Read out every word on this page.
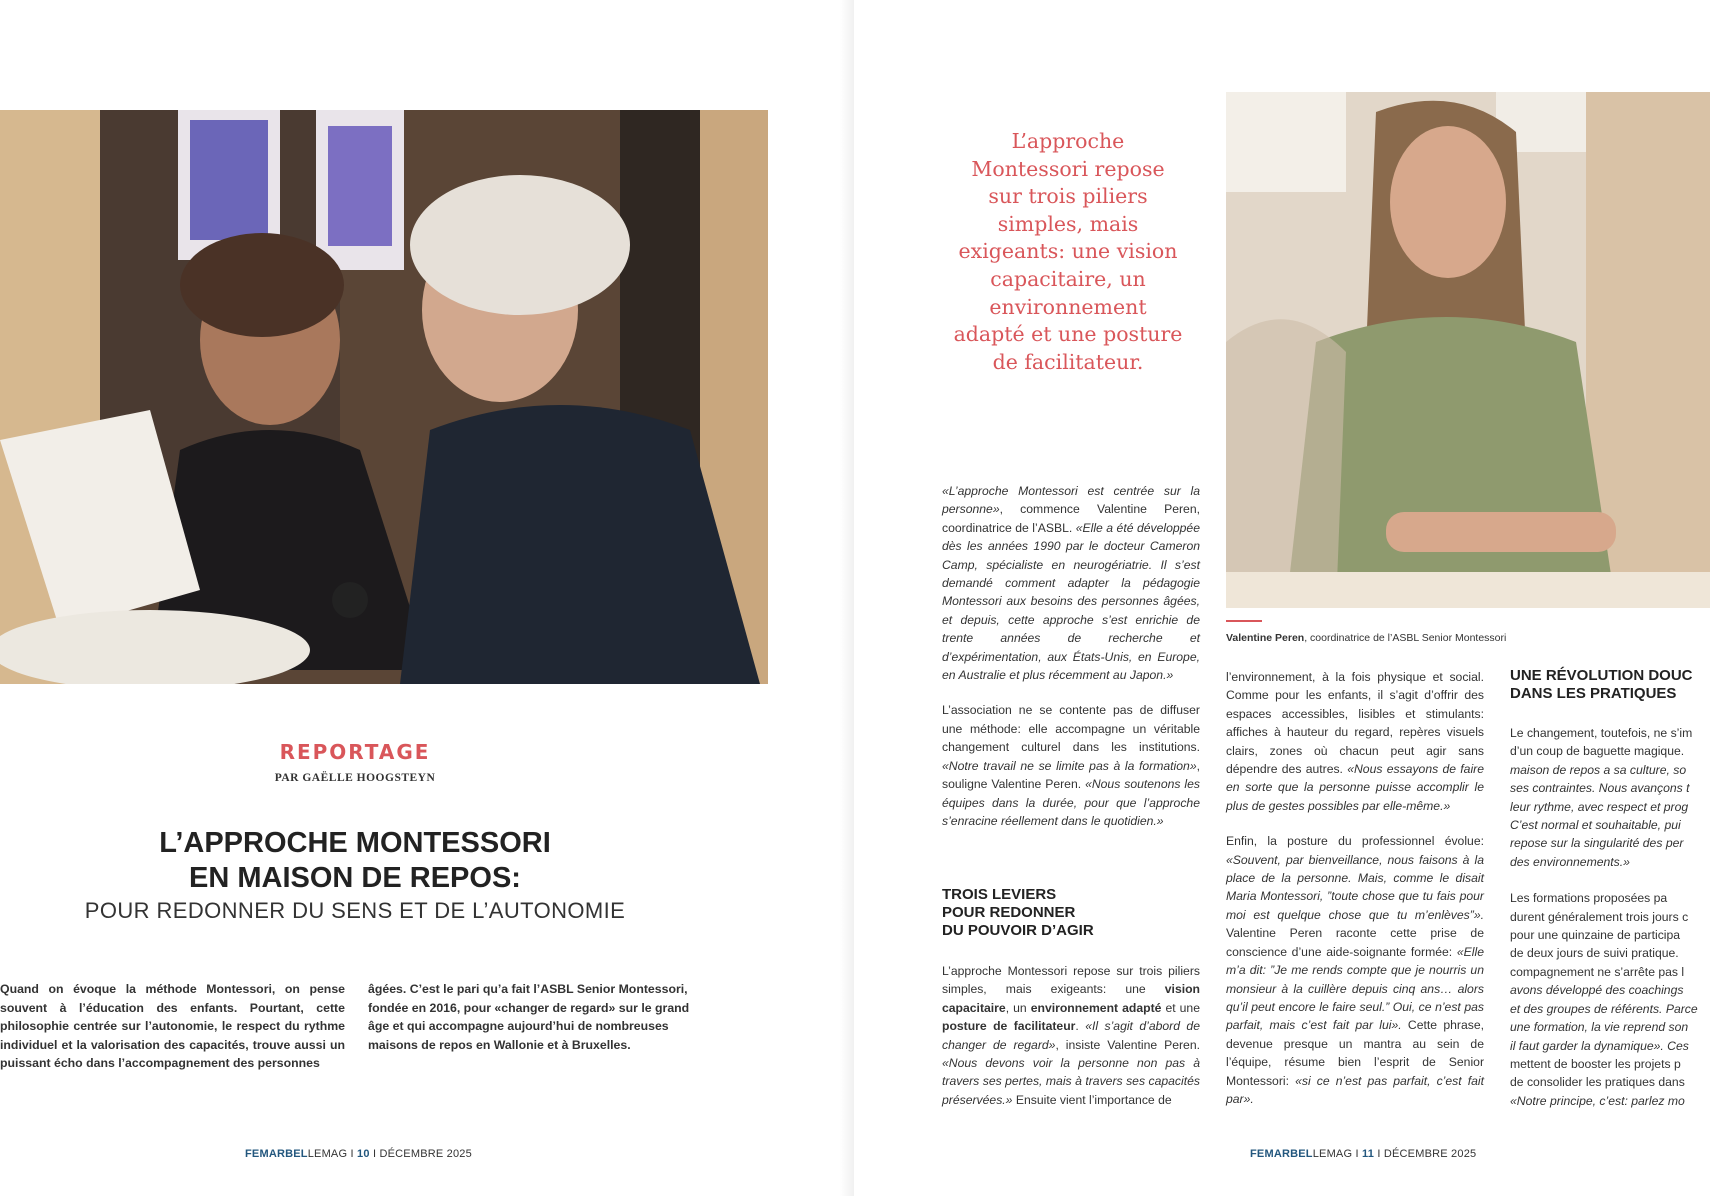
REPORTAGE
PAR GAËLLE HOOGSTEYN
L’APPROCHE MONTESSORI
EN MAISON DE REPOS:
POUR REDONNER DU SENS ET DE L’AUTONOMIE
Quand on évoque la méthode Montessori, on pense souvent à l’éducation des enfants. Pourtant, cette philosophie centrée sur l’autonomie, le respect du rythme individuel et la valorisation des capacités, trouve aussi un puissant écho dans l’accompagnement des personnes
âgées. C’est le pari qu’a fait l’ASBL Senior Montessori, fondée en 2016, pour «changer de regard» sur le grand âge et qui accompagne aujourd’hui de nombreuses maisons de repos en Wallonie et à Bruxelles.
FEMARBELLEMAG I 10 I DÉCEMBRE 2025
L’approche Montessori repose sur trois piliers simples, mais exigeants: une vision capacitaire, un environnement adapté et une posture de facilitateur.
Valentine Peren, coordinatrice de l’ASBL Senior Montessori

«L’approche Montessori est centrée sur la personne», commence Valentine Peren, coordinatrice de l’ASBL. «Elle a été développée dès les années 1990 par le docteur Cameron Camp, spécialiste en neurogériatrie. Il s’est demandé comment adapter la pédagogie Montessori aux besoins des personnes âgées, et depuis, cette approche s’est enrichie de trente années de recherche et d’expérimentation, aux États-Unis, en Europe, en Australie et plus récemment au Japon.»

L’association ne se contente pas de diffuser une méthode: elle accompagne un véritable changement culturel dans les institutions. «Notre travail ne se limite pas à la formation», souligne Valentine Peren. «Nous soutenons les équipes dans la durée, pour que l’approche s’enracine réellement dans le quotidien.»

TROIS LEVIERS
POUR REDONNER
DU POUVOIR D’AGIR

L’approche Montessori repose sur trois piliers simples, mais exigeants: une vision capacitaire, un environnement adapté et une posture de facilitateur. «Il s’agit d’abord de changer de regard», insiste Valentine Peren. «Nous devons voir la personne non pas à travers ses pertes, mais à travers ses capacités préservées.» Ensuite vient l’importance de

l’environnement, à la fois physique et social. Comme pour les enfants, il s’agit d’offrir des espaces accessibles, lisibles et stimulants: affiches à hauteur du regard, repères visuels clairs, zones où chacun peut agir sans dépendre des autres. «Nous essayons de faire en sorte que la personne puisse accomplir le plus de gestes possibles par elle-même.»

Enfin, la posture du professionnel évolue: «Souvent, par bienveillance, nous faisons à la place de la personne. Mais, comme le disait Maria Montessori, ”toute chose que tu fais pour moi est quelque chose que tu m’enlèves”». Valentine Peren raconte cette prise de conscience d’une aide-soignante formée: «Elle m’a dit: ”Je me rends compte que je nourris un monsieur à la cuillère depuis cinq ans… alors qu’il peut encore le faire seul.” Oui, ce n’est pas parfait, mais c’est fait par lui». Cette phrase, devenue presque un mantra au sein de l’équipe, résume bien l’esprit de Senior Montessori: «si ce n’est pas parfait, c’est fait par».

UNE RÉVOLUTION DOUC
DANS LES PRATIQUES
Le changement, toutefois, ne s’im
d’un coup de baguette magique.
maison de repos a sa culture, so
ses contraintes. Nous avançons t
leur rythme, avec respect et prog
C’est normal et souhaitable, pui
repose sur la singularité des per
des environnements.»
Les formations proposées pa
durent généralement trois jours c
pour une quinzaine de participa
de deux jours de suivi pratique.
compagnement ne s’arrête pas l
avons développé des coachings
et des groupes de référents. Parce
une formation, la vie reprend son
il faut garder la dynamique». Ces
mettent de booster les projets p
de consolider les pratiques dans
«Notre principe, c’est: parlez mo
FEMARBELLEMAG I 11 I DÉCEMBRE 2025
